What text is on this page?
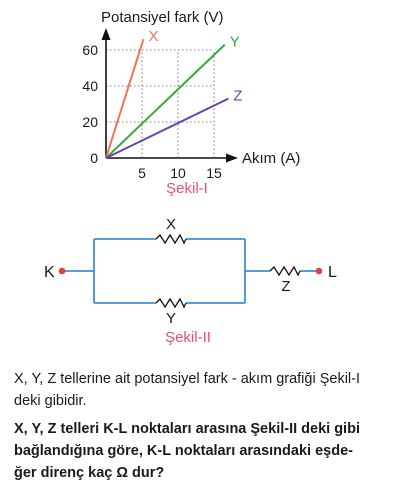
Potansiyel fark (V)
Akım (A)
20
40
60
0
5 10 15
X	Y
Z
Şekil-I
K	L
X
Y
Z
Şekil-II
X, Y, Z tellerine ait potansiyel fark - akım grafiği Şekil-I
deki gibidir.
X, Y, Z telleri K-L noktaları arasına Şekil-II deki gibi
bağlandığına göre, K-L noktaları arasındaki eşde-
ğer direnç kaç Ω dur?
